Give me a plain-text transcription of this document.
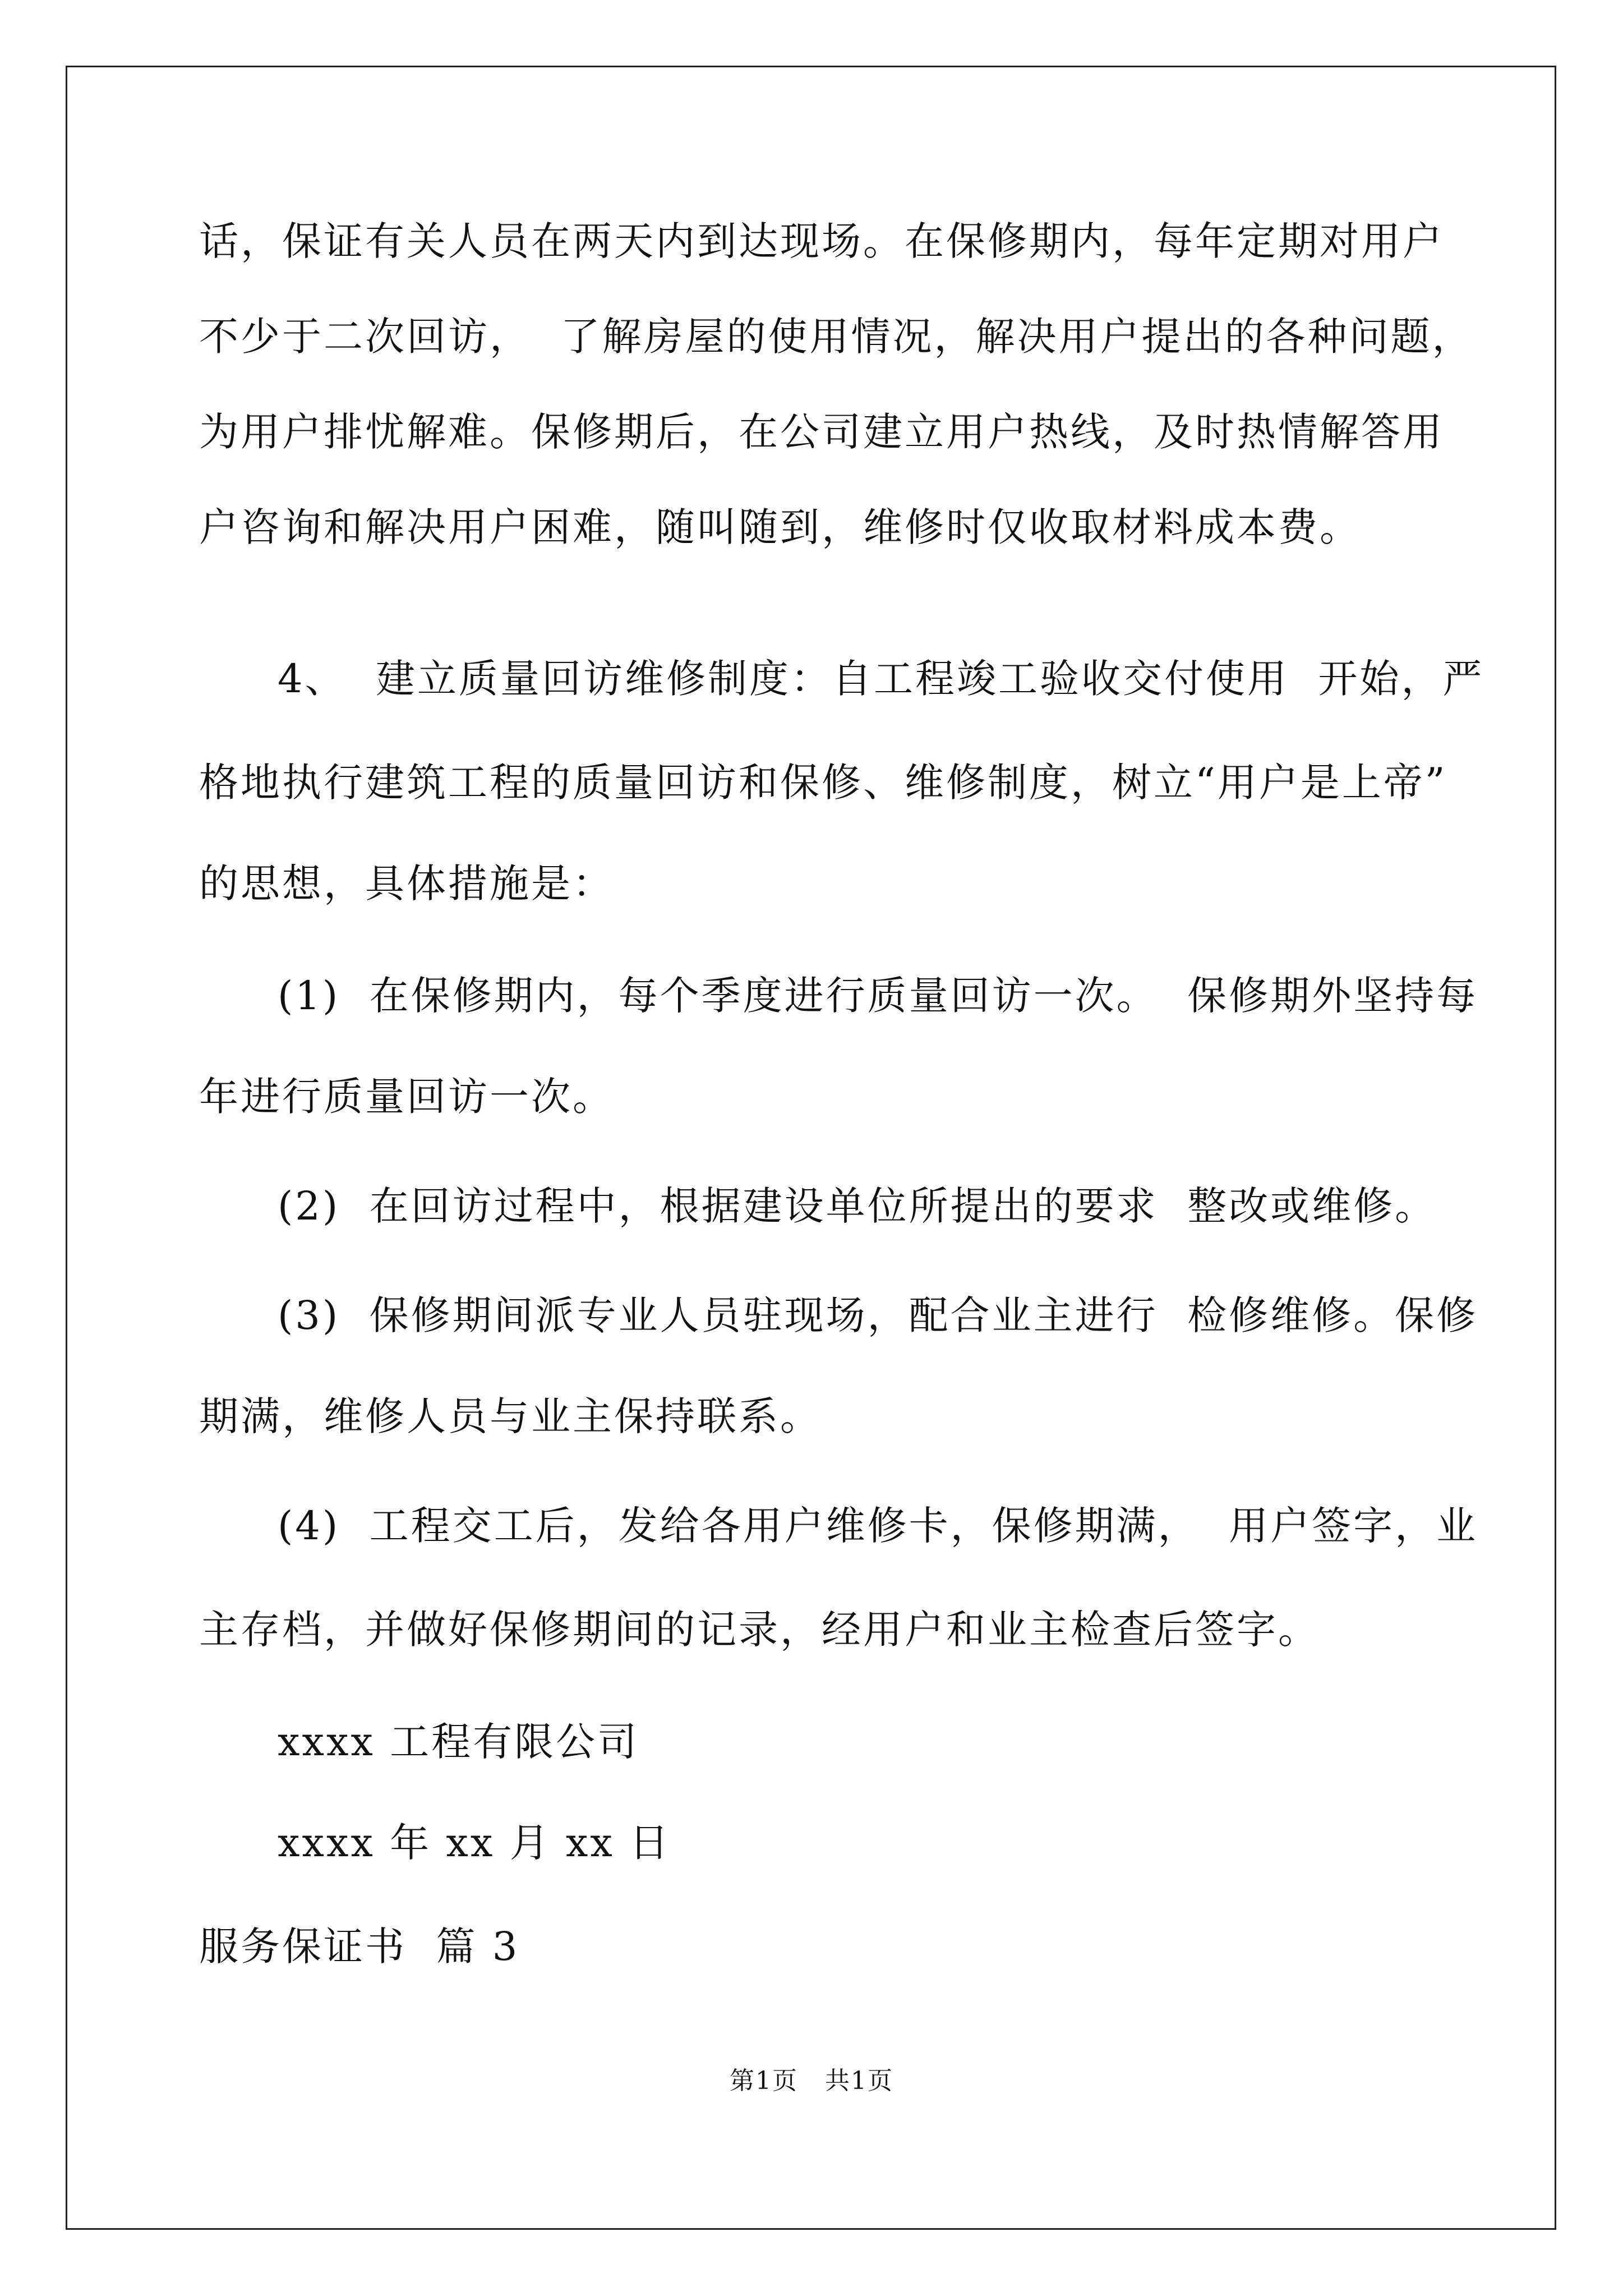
话，保证有关人员在两天内到达现场。在保修期内，每年定期对用户
不少于二次回访，  了解房屋的使用情况，解决用户提出的各种问题，
为用户排忧解难。保修期后，在公司建立用户热线，及时热情解答用
户咨询和解决用户困难，随叫随到，维修时仅收取材料成本费。
4、  建立质量回访维修制度：自工程竣工验收交付使用  开始，严
格地执行建筑工程的质量回访和保修、维修制度，树立“用户是上帝”
的思想，具体措施是：
(1)  在保修期内，每个季度进行质量回访一次。  保修期外坚持每
年进行质量回访一次。
(2)  在回访过程中，根据建设单位所提出的要求  整改或维修。
(3)  保修期间派专业人员驻现场，配合业主进行  检修维修。保修
期满，维修人员与业主保持联系。
(4)  工程交工后，发给各用户维修卡，保修期满，  用户签字，业
主存档，并做好保修期间的记录，经用户和业主检查后签字。
xxxx 工程有限公司
xxxx 年 xx 月 xx 日
服务保证书  篇 3
第1页   共1页
